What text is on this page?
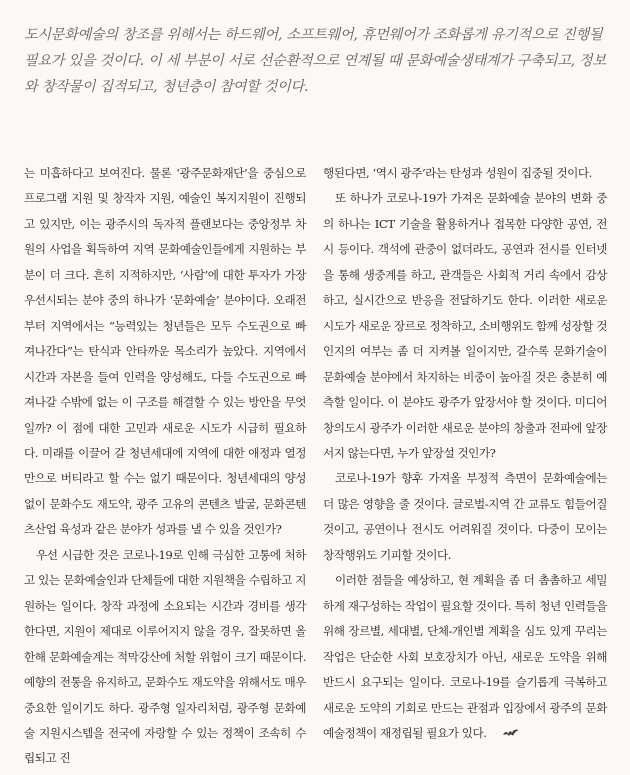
도시문화예술의 창조를 위해서는 하드웨어, 소프트웨어, 휴먼웨어가 조화롭게 유기적으로 진행될 필요가 있을 것이다. 이 세 부분이 서로 선순환적으로 연계될 때 문화예술생태계가 구축되고, 정보와 창작물이 집적되고, 청년층이 참여할 것이다.

는 미흡하다고 보여진다. 물론 ‘광주문화재단’을 중심으로 프로그램 지원 및 창작자 지원, 예술인 복지지원이 진행되고 있지만, 이는 광주시의 독자적 플랜보다는 중앙정부 차원의 사업을 획득하여 지역 문화예술인들에게 지원하는 부분이 더 크다. 흔히 지적하지만, ‘사람’에 대한 투자가 가장 우선시되는 분야 중의 하나가 ‘문화예술’ 분야이다. 오래전부터 지역에서는 “능력있는 청년들은 모두 수도권으로 빠져나간다”는 탄식과 안타까운 목소리가 높았다. 지역에서 시간과 자본을 들여 인력을 양성해도, 다들 수도권으로 빠져나갈 수밖에 없는 이 구조를 해결할 수 있는 방안을 무엇일까? 이 점에 대한 고민과 새로운 시도가 시급히 필요하다. 미래를 이끌어 갈 청년세대에 지역에 대한 애정과 열정만으로 버티라고 할 수는 없기 때문이다. 청년세대의 양성 없이 문화수도 재도약, 광주 고유의 콘텐츠 발굴, 문화콘텐츠산업 육성과 같은 분야가 성과를 낼 수 있을 것인가?

우선 시급한 것은 코로나-19로 인해 극심한 고통에 처하고 있는 문화예술인과 단체들에 대한 지원책을 수립하고 지원하는 일이다. 창작 과정에 소요되는 시간과 경비를 생각한다면, 지원이 제대로 이루어지지 않을 경우, 잘못하면 올 한해 문화예술계는 적막강산에 처할 위험이 크기 때문이다. 예향의 전통을 유지하고, 문화수도 재도약을 위해서도 매우 중요한 일이기도 하다. 광주형 일자리처럼, 광주형 문화예술 지원시스템을 전국에 자랑할 수 있는 정책이 조속히 수립되고 진

행된다면, ‘역시 광주’라는 탄성과 성원이 집중될 것이다.

또 하나가 코로나-19가 가져온 문화예술 분야의 변화 중의 하나는 ICT 기술을 활용하거나 접목한 다양한 공연, 전시 등이다. 객석에 관중이 없더라도, 공연과 전시를 인터넷을 통해 생중계를 하고, 관객들은 사회적 거리 속에서 감상하고, 실시간으로 반응을 전달하기도 한다. 이러한 새로운 시도가 새로운 장르로 정착하고, 소비행위도 함께 성장할 것인지의 여부는 좀 더 지켜볼 일이지만, 갈수록 문화기술이 문화예술 분야에서 차지하는 비중이 높아질 것은 충분히 예측할 일이다. 이 분야도 광주가 앞장서야 할 것이다. 미디어 창의도시 광주가 이러한 새로운 분야의 창출과 전파에 앞장서지 않는다면, 누가 앞장설 것인가?

코로나-19가 향후 가져올 부정적 측면이 문화예술에는 더 많은 영향을 줄 것이다. 글로벌-지역 간 교류도 힘들어질 것이고, 공연이나 전시도 어려워질 것이다. 다중이 모이는 창작행위도 기피할 것이다.

이러한 점들을 예상하고, 현 계획을 좀 더 촘촘하고 세밀하게 재구성하는 작업이 필요할 것이다. 특히 청년 인력들을 위해 장르별, 세대별, 단체-개인별 계획을 심도 있게 꾸리는 작업은 단순한 사회 보호장치가 아닌, 새로운 도약을 위해 반드시 요구되는 일이다. 코로나-19를 슬기롭게 극복하고 새로운 도약의 기회로 만드는 관점과 입장에서 광주의 문화예술정책이 재정립될 필요가 있다.
